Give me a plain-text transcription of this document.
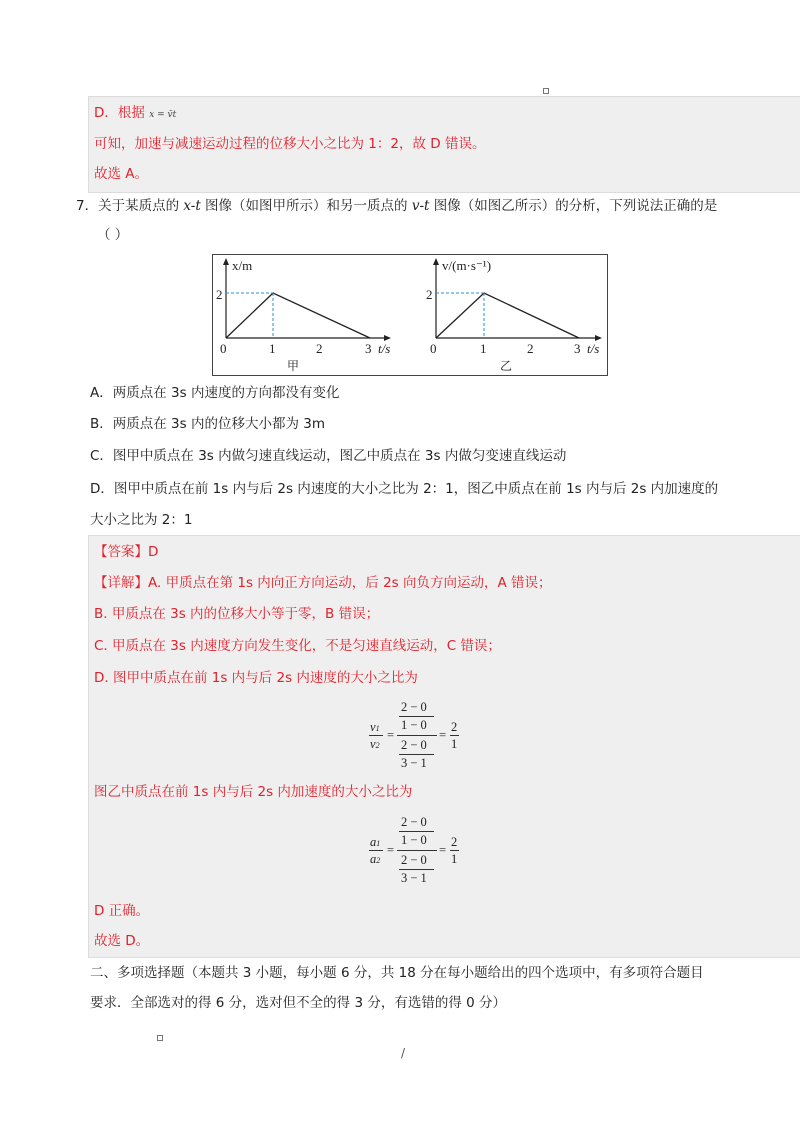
D．根据 x = v̄t
可知，加速与减速运动过程的位移大小之比为 1：2，故 D 错误。
故选 A。
7．关于某质点的 x-t 图像（如图甲所示）和另一质点的 v-t 图像（如图乙所示）的分析，下列说法正确的是
（ ）
x/m
2
0	1	2	3 t/s
甲
v/(m·s⁻¹)
2
0	1	2	3 t/s
乙
A．两质点在 3s 内速度的方向都没有变化
B．两质点在 3s 内的位移大小都为 3m
C．图甲中质点在 3s 内做匀速直线运动，图乙中质点在 3s 内做匀变速直线运动
D．图甲中质点在前 1s 内与后 2s 内速度的大小之比为 2：1，图乙中质点在前 1s 内与后 2s 内加速度的
大小之比为 2：1
【答案】D
【详解】A. 甲质点在第 1s 内向正方向运动，后 2s 向负方向运动，A 错误；
B. 甲质点在 3s 内的位移大小等于零，B 错误；
C. 甲质点在 3s 内速度方向发生变化，不是匀速直线运动，C 错误；
D. 图甲中质点在前 1s 内与后 2s 内速度的大小之比为
v1
v2
=
2 − 0
1 − 0
2 − 0
3 − 1
=
2
1
图乙中质点在前 1s 内与后 2s 内加速度的大小之比为
a1
a2
=
2 − 0
1 − 0
2 − 0
3 − 1
=
2
1
D 正确。
故选 D。
二、多项选择题（本题共 3 小题，每小题 6 分，共 18 分在每小题给出的四个选项中，有多项符合题目
要求．全部选对的得 6 分，选对但不全的得 3 分，有选错的得 0 分）
/
